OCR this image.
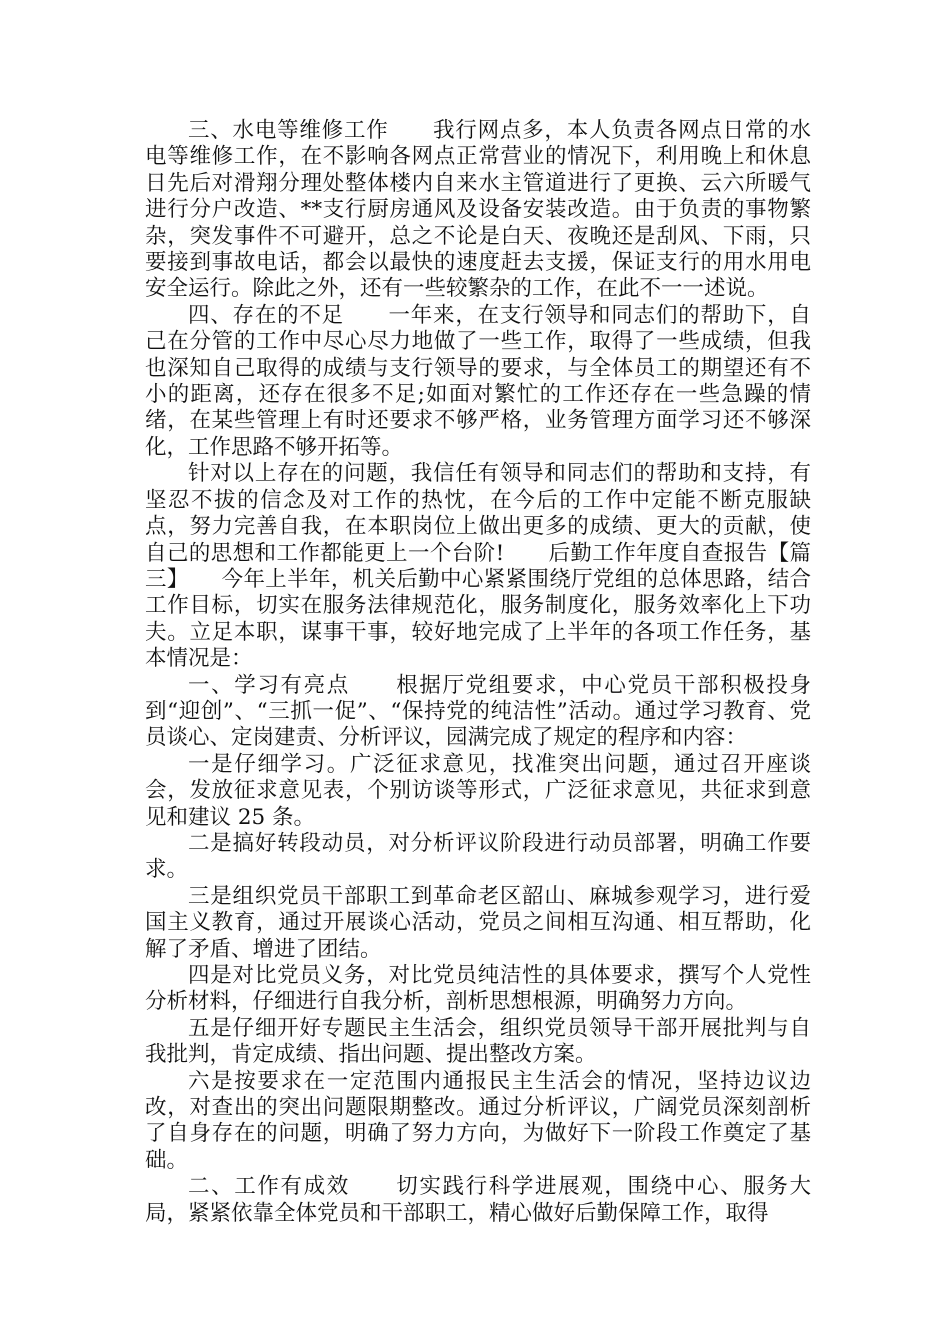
三、水电等维修工作　　我行网点多，本人负责各网点日常的水电等维修工作，在不影响各网点正常营业的情况下，利用晚上和休息日先后对滑翔分理处整体楼内自来水主管道进行了更换、云六所暖气进行分户改造、**支行厨房通风及设备安装改造。由于负责的事物繁杂，突发事件不可避开，总之不论是白天、夜晚还是刮风、下雨，只要接到事故电话，都会以最快的速度赶去支援，保证支行的用水用电安全运行。除此之外，还有一些较繁杂的工作，在此不一一述说。

四、存在的不足　　一年来，在支行领导和同志们的帮助下，自己在分管的工作中尽心尽力地做了一些工作，取得了一些成绩，但我也深知自己取得的成绩与支行领导的要求，与全体员工的期望还有不小的距离，还存在很多不足;如面对繁忙的工作还存在一些急躁的情绪，在某些管理上有时还要求不够严格，业务管理方面学习还不够深化，工作思路不够开拓等。

针对以上存在的问题，我信任有领导和同志们的帮助和支持，有坚忍不拔的信念及对工作的热忱，在今后的工作中定能不断克服缺点，努力完善自我，在本职岗位上做出更多的成绩、更大的贡献，使自己的思想和工作都能更上一个台阶!　　后勤工作年度自查报告【篇三】　　今年上半年，机关后勤中心紧紧围绕厅党组的总体思路，结合工作目标，切实在服务法律规范化，服务制度化，服务效率化上下功夫。立足本职，谋事干事，较好地完成了上半年的各项工作任务，基本情况是：

一、学习有亮点　　根据厅党组要求，中心党员干部积极投身到“迎创”、“三抓一促”、“保持党的纯洁性”活动。通过学习教育、党员谈心、定岗建责、分析评议，园满完成了规定的程序和内容：

一是仔细学习。广泛征求意见，找准突出问题，通过召开座谈会，发放征求意见表，个别访谈等形式，广泛征求意见，共征求到意见和建议 25 条。

二是搞好转段动员，对分析评议阶段进行动员部署，明确工作要求。

三是组织党员干部职工到革命老区韶山、麻城参观学习，进行爱国主义教育，通过开展谈心活动，党员之间相互沟通、相互帮助，化解了矛盾、增进了团结。

四是对比党员义务，对比党员纯洁性的具体要求，撰写个人党性分析材料，仔细进行自我分析，剖析思想根源，明确努力方向。

五是仔细开好专题民主生活会，组织党员领导干部开展批判与自我批判，肯定成绩、指出问题、提出整改方案。

六是按要求在一定范围内通报民主生活会的情况，坚持边议边改，对查出的突出问题限期整改。通过分析评议，广阔党员深刻剖析了自身存在的问题，明确了努力方向，为做好下一阶段工作奠定了基础。

二、工作有成效　　切实践行科学进展观，围绕中心、服务大局，紧紧依靠全体党员和干部职工，精心做好后勤保障工作，取得
